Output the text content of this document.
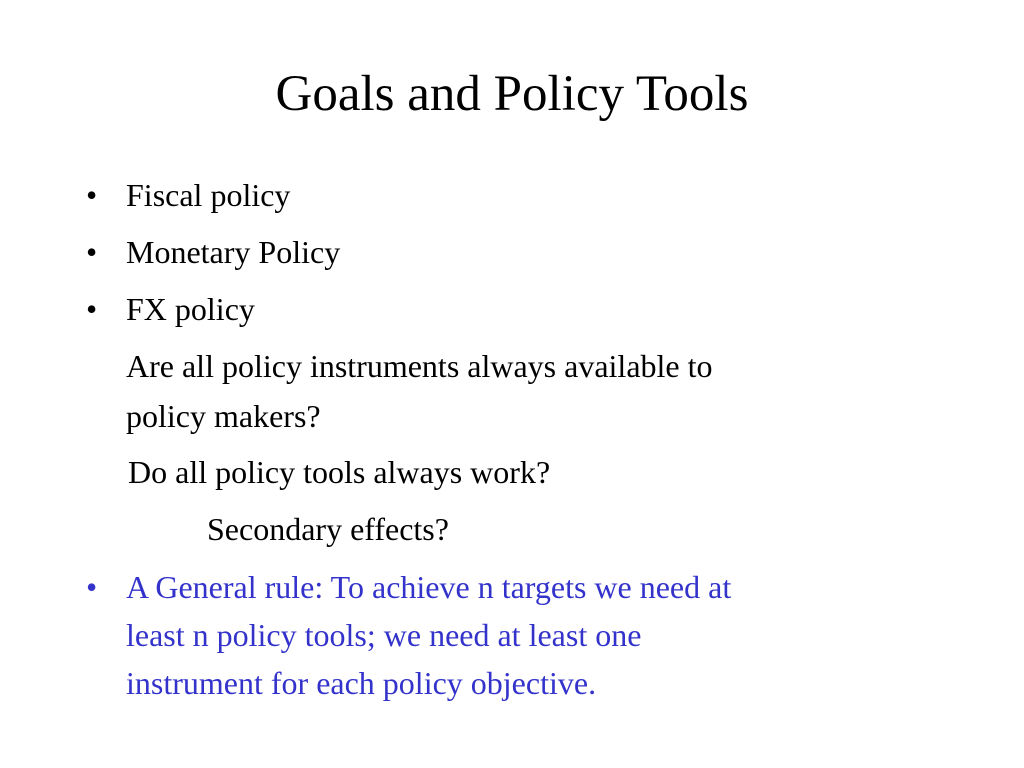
Goals and Policy Tools
• Fiscal policy
• Monetary Policy
• FX policy
Are all policy instruments always available to
policy makers?
Do all policy tools always work?
Secondary effects?
• A General rule: To achieve n targets we need at
least n policy tools; we need at least one
instrument for each policy objective.
